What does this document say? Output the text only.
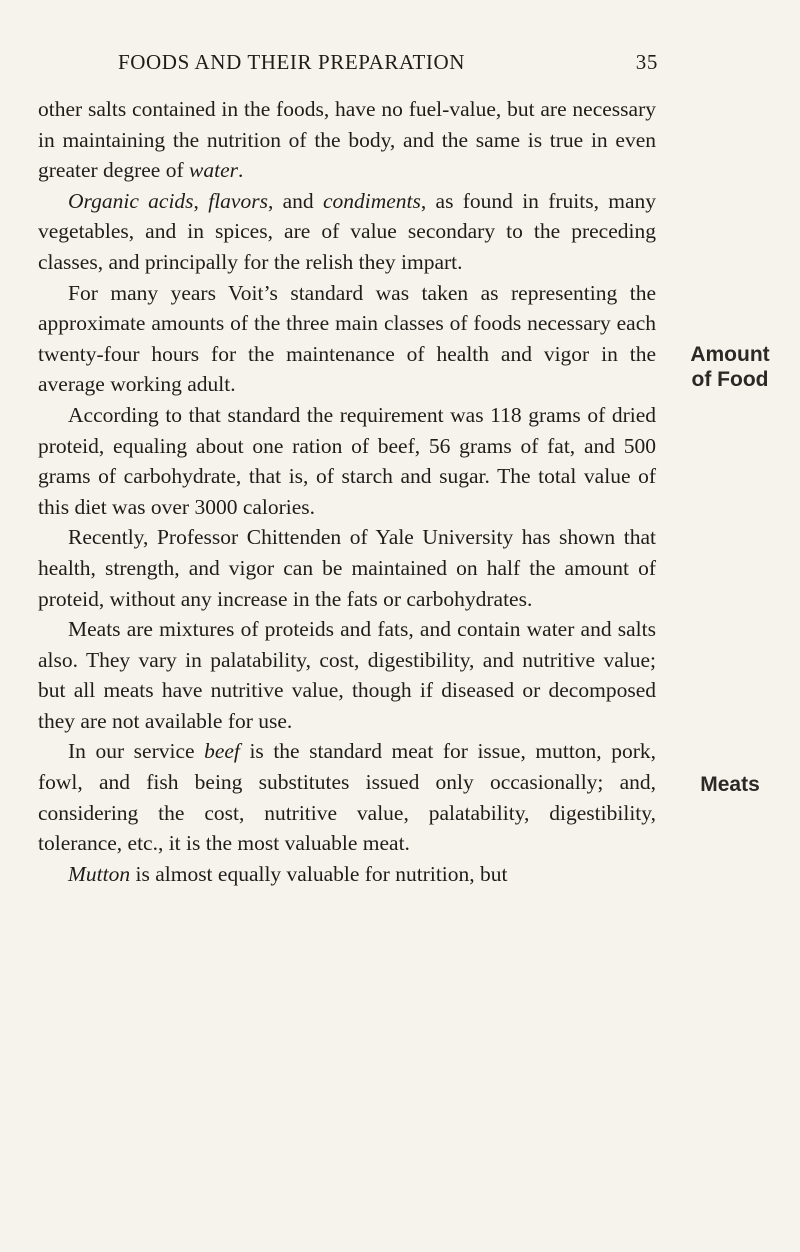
FOODS AND THEIR PREPARATION	35
Amount
of Food
Meats

other salts contained in the foods, have no fuel-value, but are necessary in maintaining the nutrition of the body, and the same is true in even greater degree of water.

Organic acids, flavors, and condiments, as found in fruits, many vegetables, and in spices, are of value secondary to the preceding classes, and principally for the relish they impart.

For many years Voit’s standard was taken as representing the approximate amounts of the three main classes of foods necessary each twenty-four hours for the maintenance of health and vigor in the average working adult.

According to that standard the requirement was 118 grams of dried proteid, equaling about one ration of beef, 56 grams of fat, and 500 grams of carbohydrate, that is, of starch and sugar. The total value of this diet was over 3000 calories.

Recently, Professor Chittenden of Yale University has shown that health, strength, and vigor can be maintained on half the amount of proteid, without any increase in the fats or carbohydrates.

Meats are mixtures of proteids and fats, and contain water and salts also. They vary in palatability, cost, digestibility, and nutritive value; but all meats have nutritive value, though if diseased or decomposed they are not available for use.

In our service beef is the standard meat for issue, mutton, pork, fowl, and fish being substitutes issued only occasionally; and, considering the cost, nutritive value, palatability, digestibility, tolerance, etc., it is the most valuable meat.

Mutton is almost equally valuable for nutrition, but
